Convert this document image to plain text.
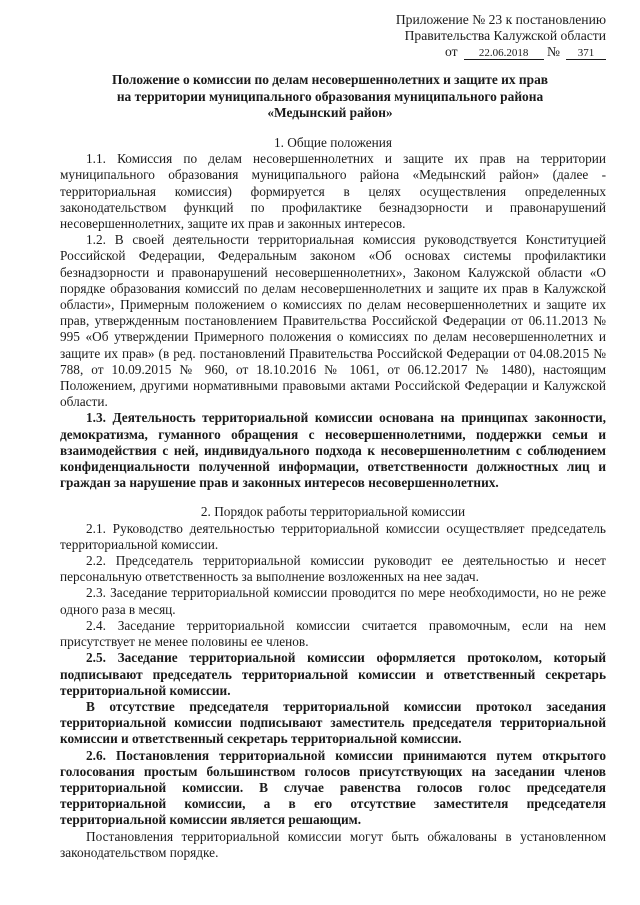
Приложение № 23 к постановлению
Правительства Калужской области
от 22.06.2018 № 371
Положение о комиссии по делам несовершеннолетних и защите их прав
на территории муниципального образования муниципального района
«Медынский район»
1. Общие положения

1.1. Комиссия по делам несовершеннолетних и защите их прав на территории муниципального образования муниципального района «Медынский район» (далее - территориальная комиссия) формируется в целях осуществления определенных законодательством функций по профилактике безнадзорности и правонарушений несовершеннолетних, защите их прав и законных интересов.

1.2. В своей деятельности территориальная комиссия руководствуется Конституцией Российской Федерации, Федеральным законом «Об основах системы профилактики безнадзорности и правонарушений несовершеннолетних», Законом Калужской области «О порядке образования комиссий по делам несовершеннолетних и защите их прав в Калужской области», Примерным положением о комиссиях по делам несовершеннолетних и защите их прав, утвержденным постановлением Правительства Российской Федерации от 06.11.2013 № 995 «Об утверждении Примерного положения о комиссиях по делам несовершеннолетних и защите их прав» (в ред. постановлений Правительства Российской Федерации от 04.08.2015 № 788, от 10.09.2015 № 960, от 18.10.2016 № 1061, от 06.12.2017 № 1480), настоящим Положением, другими нормативными правовыми актами Российской Федерации и Калужской области.

1.3. Деятельность территориальной комиссии основана на принципах законности, демократизма, гуманного обращения с несовершеннолетними, поддержки семьи и взаимодействия с ней, индивидуального подхода к несовершеннолетним с соблюдением конфиденциальности полученной информации, ответственности должностных лиц и граждан за нарушение прав и законных интересов несовершеннолетних.

2. Порядок работы территориальной комиссии

2.1. Руководство деятельностью территориальной комиссии осуществляет председатель территориальной комиссии.

2.2. Председатель территориальной комиссии руководит ее деятельностью и несет персональную ответственность за выполнение возложенных на нее задач.

2.3. Заседание территориальной комиссии проводится по мере необходимости, но не реже одного раза в месяц.

2.4. Заседание территориальной комиссии считается правомочным, если на нем присутствует не менее половины ее членов.

2.5. Заседание территориальной комиссии оформляется протоколом, который подписывают председатель территориальной комиссии и ответственный секретарь территориальной комиссии.

В отсутствие председателя территориальной комиссии протокол заседания территориальной комиссии подписывают заместитель председателя территориальной комиссии и ответственный секретарь территориальной комиссии.

2.6. Постановления территориальной комиссии принимаются путем открытого голосования простым большинством голосов присутствующих на заседании членов территориальной комиссии. В случае равенства голосов голос председателя территориальной комиссии, а в его отсутствие заместителя председателя территориальной комиссии является решающим.

Постановления территориальной комиссии могут быть обжалованы в установленном законодательством порядке.
